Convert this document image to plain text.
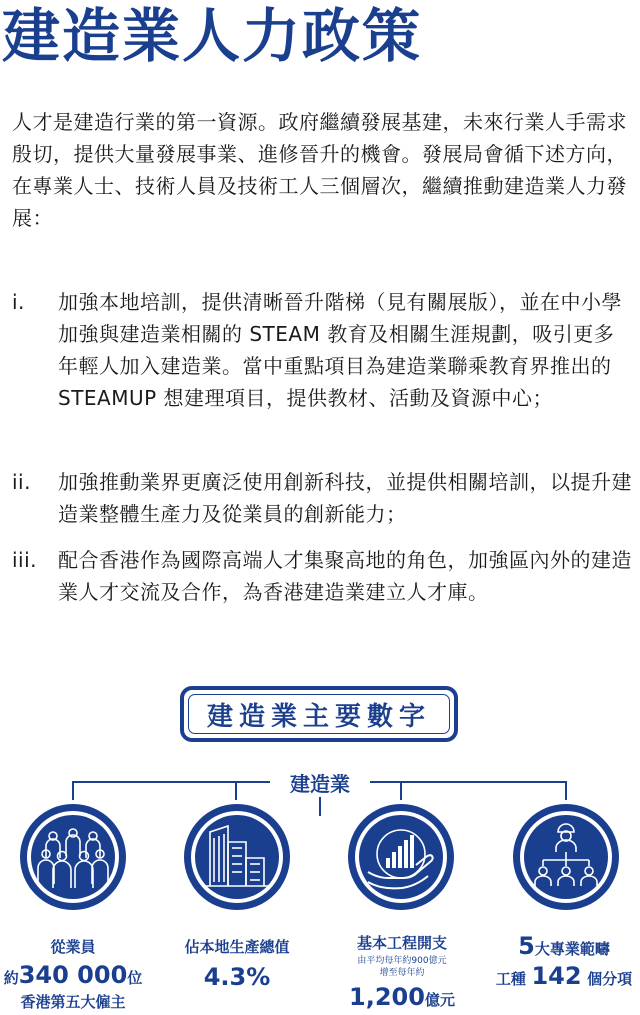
建造業人力政策
人才是建造行業的第一資源。政府繼續發展基建，未來行業人手需求殷切，提供大量發展事業、進修晉升的機會。發展局會循下述方向，在專業人士、技術人員及技術工人三個層次，繼續推動建造業人力發展：
i.	加強本地培訓，提供清晰晉升階梯（見有關展版），並在中小學加強與建造業相關的 STEAM 教育及相關生涯規劃，吸引更多年輕人加入建造業。當中重點項目為建造業聯乘教育界推出的 STEAMUP 想建理項目，提供教材、活動及資源中心；
ii.	加強推動業界更廣泛使用創新科技，並提供相關培訓，以提升建造業整體生產力及從業員的創新能力；
iii.	配合香港作為國際高端人才集聚高地的角色，加強區內外的建造業人才交流及合作，為香港建造業建立人才庫。
建造業主要數字
建造業
從業員
約340 000位
香港第五大僱主
佔本地生產總值
4.3%
基本工程開支
由平均每年約900億元
增至每年約
1,200億元
5大專業範疇
工種 142 個分項
